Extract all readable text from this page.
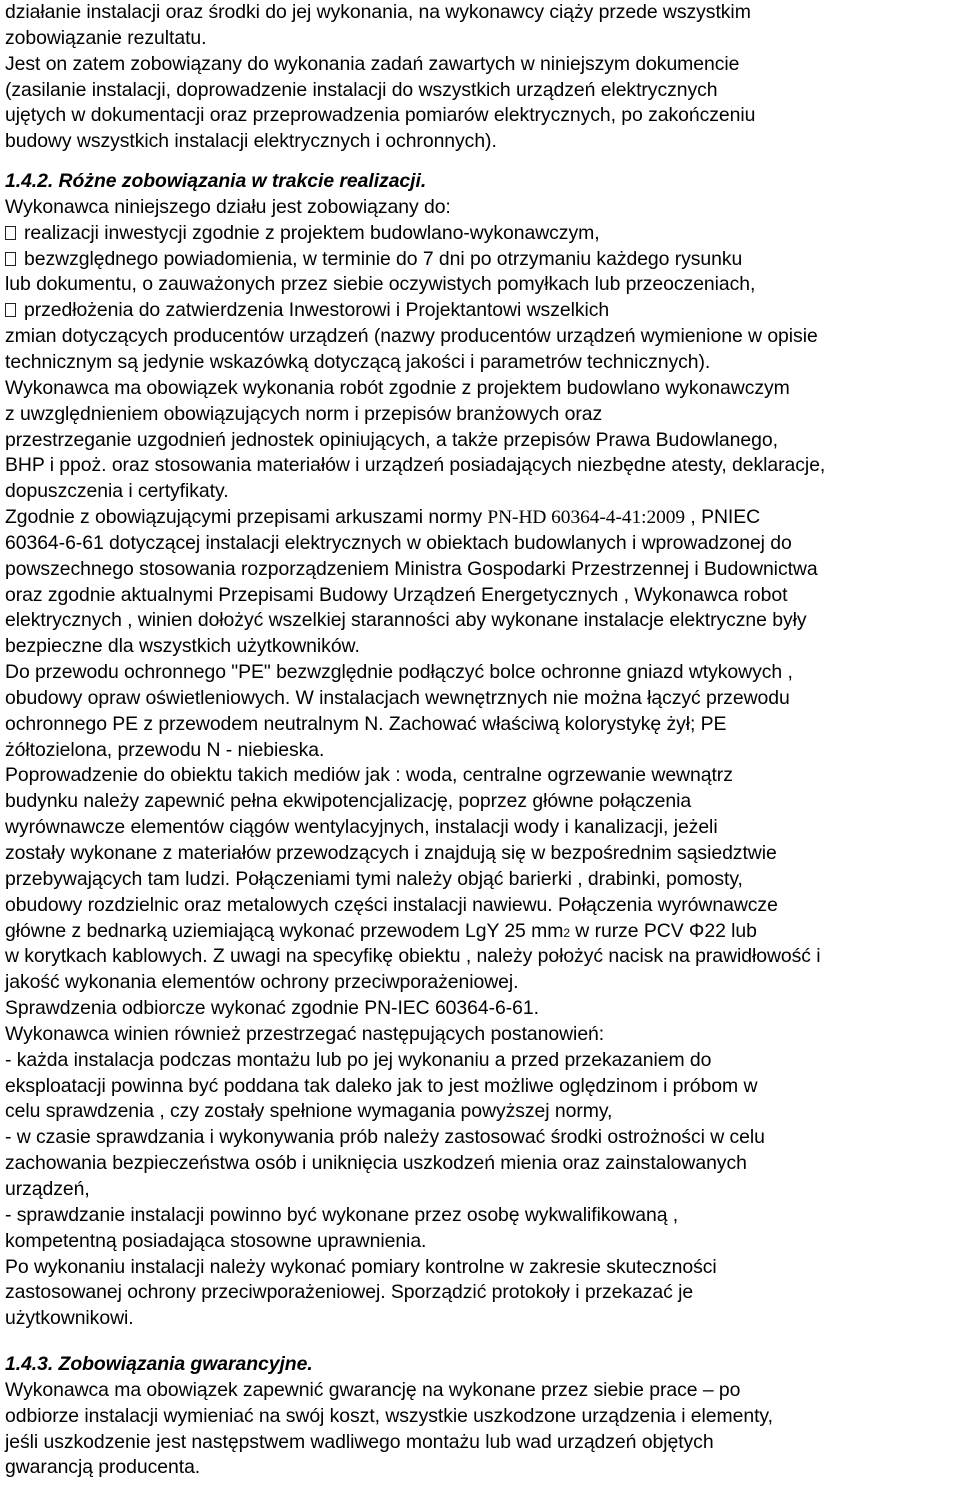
działanie instalacji oraz środki do jej wykonania, na wykonawcy ciąży przede wszystkim
zobowiązanie rezultatu.
Jest on zatem zobowiązany do wykonania zadań zawartych w niniejszym dokumencie
(zasilanie instalacji, doprowadzenie instalacji do wszystkich urządzeń elektrycznych
ujętych w dokumentacji oraz przeprowadzenia pomiarów elektrycznych, po zakończeniu
budowy wszystkich instalacji elektrycznych i ochronnych).
1.4.2. Różne zobowiązania w trakcie realizacji.
Wykonawca niniejszego działu jest zobowiązany do:
realizacji inwestycji zgodnie z projektem budowlano-wykonawczym,
bezwzględnego powiadomienia, w terminie do 7 dni po otrzymaniu każdego rysunku
lub dokumentu, o zauważonych przez siebie oczywistych pomyłkach lub przeoczeniach,
przedłożenia do zatwierdzenia Inwestorowi i Projektantowi wszelkich
zmian dotyczących producentów urządzeń (nazwy producentów urządzeń wymienione w opisie
technicznym są jedynie wskazówką dotyczącą jakości i parametrów technicznych).
Wykonawca ma obowiązek wykonania robót zgodnie z projektem budowlano wykonawczym
z uwzględnieniem obowiązujących norm i przepisów branżowych oraz
przestrzeganie uzgodnień jednostek opiniujących, a także przepisów Prawa Budowlanego,
BHP i ppoż. oraz stosowania materiałów i urządzeń posiadających niezbędne atesty, deklaracje,
dopuszczenia i certyfikaty.
Zgodnie z obowiązującymi przepisami arkuszami normy PN-HD 60364-4-41:2009 , PNIEC
60364-6-61 dotyczącej instalacji elektrycznych w obiektach budowlanych i wprowadzonej do
powszechnego stosowania rozporządzeniem Ministra Gospodarki Przestrzennej i Budownictwa
oraz zgodnie aktualnymi Przepisami Budowy Urządzeń Energetycznych , Wykonawca robot
elektrycznych , winien dołożyć wszelkiej staranności aby wykonane instalacje elektryczne były
bezpieczne dla wszystkich użytkowników.
Do przewodu ochronnego "PE" bezwzględnie podłączyć bolce ochronne gniazd wtykowych ,
obudowy opraw oświetleniowych. W instalacjach wewnętrznych nie można łączyć przewodu
ochronnego PE z przewodem neutralnym N. Zachować właściwą kolorystykę żył; PE
żółtozielona, przewodu N - niebieska.
Poprowadzenie do obiektu takich mediów jak : woda, centralne ogrzewanie wewnątrz
budynku należy zapewnić pełna ekwipotencjalizację, poprzez główne połączenia
wyrównawcze elementów ciągów wentylacyjnych, instalacji wody i kanalizacji, jeżeli
zostały wykonane z materiałów przewodzących i znajdują się w bezpośrednim sąsiedztwie
przebywających tam ludzi. Połączeniami tymi należy objąć barierki , drabinki, pomosty,
obudowy rozdzielnic oraz metalowych części instalacji nawiewu. Połączenia wyrównawcze
główne z bednarką uziemiającą wykonać przewodem LgY 25 mm2 w rurze PCV Φ22 lub
w korytkach kablowych. Z uwagi na specyfikę obiektu , należy położyć nacisk na prawidłowość i
jakość wykonania elementów ochrony przeciwporażeniowej.
Sprawdzenia odbiorcze wykonać zgodnie PN-IEC 60364-6-61.
Wykonawca winien również przestrzegać następujących postanowień:
- każda instalacja podczas montażu lub po jej wykonaniu a przed przekazaniem do
eksploatacji powinna być poddana tak daleko jak to jest możliwe oględzinom i próbom w
celu sprawdzenia , czy zostały spełnione wymagania powyższej normy,
- w czasie sprawdzania i wykonywania prób należy zastosować środki ostrożności w celu
zachowania bezpieczeństwa osób i uniknięcia uszkodzeń mienia oraz zainstalowanych
urządzeń,
- sprawdzanie instalacji powinno być wykonane przez osobę wykwalifikowaną ,
kompetentną posiadająca stosowne uprawnienia.
Po wykonaniu instalacji należy wykonać pomiary kontrolne w zakresie skuteczności
zastosowanej ochrony przeciwporażeniowej. Sporządzić protokoły i przekazać je
użytkownikowi.
1.4.3. Zobowiązania gwarancyjne.
Wykonawca ma obowiązek zapewnić gwarancję na wykonane przez siebie prace – po
odbiorze instalacji wymieniać na swój koszt, wszystkie uszkodzone urządzenia i elementy,
jeśli uszkodzenie jest następstwem wadliwego montażu lub wad urządzeń objętych
gwarancją producenta.
